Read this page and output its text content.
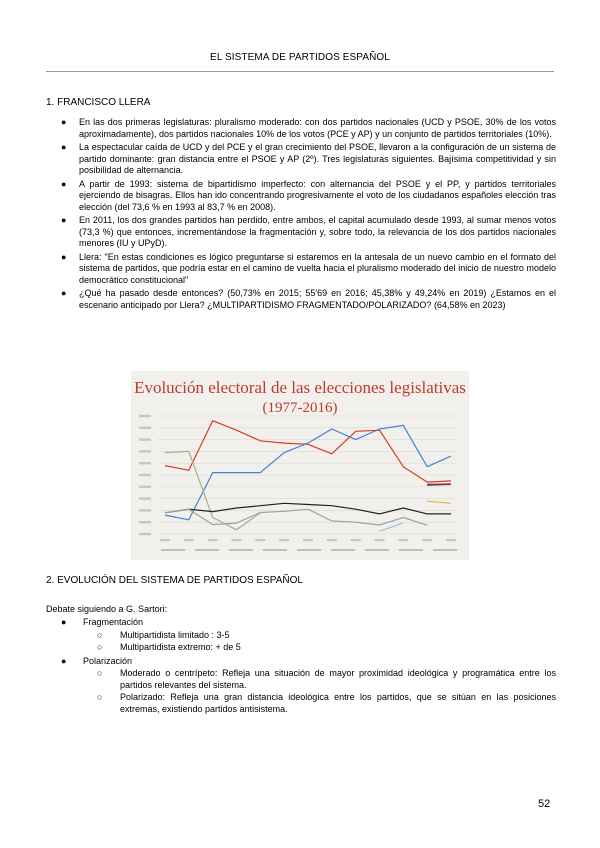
EL SISTEMA DE PARTIDOS ESPAÑOL
1. FRANCISCO LLERA
● En las dos primeras legislaturas: pluralismo moderado: con dos partidos nacionales (UCD y PSOE, 30% de los votos aproximadamente), dos partidos nacionales 10% de los votos (PCE y AP) y un conjunto de partidos territoriales (10%).
● La espectacular caída de UCD y del PCE y el gran crecimiento del PSOE, llevaron a la configuración de un sistema de partido dominante: gran distancia entre el PSOE y AP (2º). Tres legislaturas siguientes. Bajísima competitividad y sin posibilidad de alternancia.
● A partir de 1993: sistema de bipartidismo imperfecto: con alternancia del PSOE y el PP, y partidos territoriales ejerciendo de bisagras. Ellos han ido concentrando progresivamente el voto de los ciudadanos españoles elección tras elección (del 73,6 % en 1993 al 83,7 % en 2008).
● En 2011, los dos grandes partidos han perdido, entre ambos, el capital acumulado desde 1993, al sumar menos votos (73,3 %) que entonces, incrementándose la fragmentación y, sobre todo, la relevancia de los dos partidos nacionales menores (IU y UPyD).
● Llera: "En estas condiciones es lógico preguntarse si estaremos en la antesala de un nuevo cambio en el formato del sistema de partidos, que podría estar en el camino de vuelta hacia el pluralismo moderado del inicio de nuestro modelo democrático constitucional"
● ¿Qué ha pasado desde entonces? (50,73% en 2015; 55'69 en 2016; 45,38% y 49,24% en 2019) ¿Estamos en el escenario anticipado por Llera? ¿MULTIPARTIDISMO FRAGMENTADO/POLARIZADO? (64,58% en 2023)
Evolución electoral de las elecciones legislativas
(1977-2016)
2. EVOLUCIÓN DEL SISTEMA DE PARTIDOS ESPAÑOL
Debate siguiendo a G. Sartori:
● Fragmentación
○ Multipartidista limitado : 3-5
○ Multipartidista extremo: + de 5
● Polarización
○ Moderado o centrípeto: Refleja una situación de mayor proximidad ideológica y programática entre los partidos relevantes del sistema.
○ Polarizado: Refleja una gran distancia ideológica entre los partidos, que se sitúan en las posiciones extremas, existiendo partidos antisistema.
52
